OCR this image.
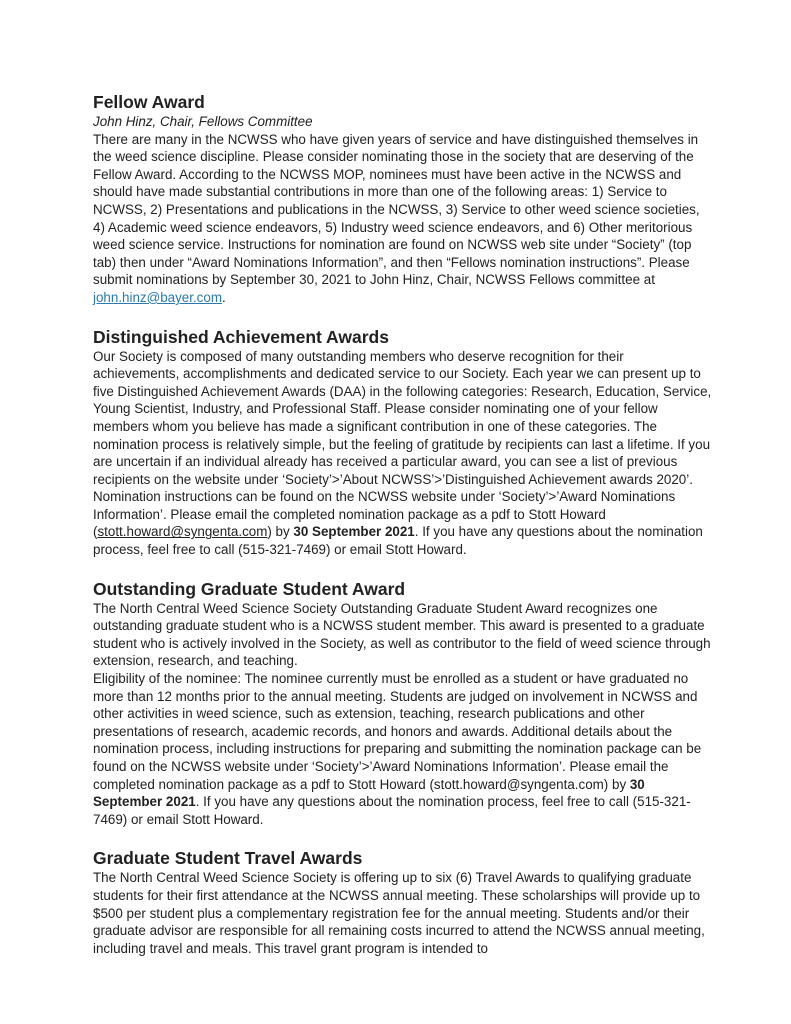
Fellow Award

John Hinz, Chair, Fellows Committee

There are many in the NCWSS who have given years of service and have distinguished themselves in the weed science discipline. Please consider nominating those in the society that are deserving of the Fellow Award. According to the NCWSS MOP, nominees must have been active in the NCWSS and should have made substantial contributions in more than one of the following areas: 1) Service to NCWSS, 2) Presentations and publications in the NCWSS, 3) Service to other weed science societies, 4) Academic weed science endeavors, 5) Industry weed science endeavors, and 6) Other meritorious weed science service. Instructions for nomination are found on NCWSS web site under “Society” (top tab) then under “Award Nominations Information”, and then “Fellows nomination instructions”. Please submit nominations by September 30, 2021 to John Hinz, Chair, NCWSS Fellows committee at john.hinz@bayer.com.

Distinguished Achievement Awards

Our Society is composed of many outstanding members who deserve recognition for their achievements, accomplishments and dedicated service to our Society. Each year we can present up to five Distinguished Achievement Awards (DAA) in the following categories: Research, Education, Service, Young Scientist, Industry, and Professional Staff. Please consider nominating one of your fellow members whom you believe has made a significant contribution in one of these categories. The nomination process is relatively simple, but the feeling of gratitude by recipients can last a lifetime. If you are uncertain if an individual already has received a particular award, you can see a list of previous recipients on the website under ‘Society’>’About NCWSS’>’Distinguished Achievement awards 2020’. Nomination instructions can be found on the NCWSS website under ‘Society’>’Award Nominations Information’. Please email the completed nomination package as a pdf to Stott Howard (stott.howard@syngenta.com) by 30 September 2021. If you have any questions about the nomination process, feel free to call (515-321-7469) or email Stott Howard.

Outstanding Graduate Student Award

The North Central Weed Science Society Outstanding Graduate Student Award recognizes one outstanding graduate student who is a NCWSS student member. This award is presented to a graduate student who is actively involved in the Society, as well as contributor to the field of weed science through extension, research, and teaching.

Eligibility of the nominee: The nominee currently must be enrolled as a student or have graduated no more than 12 months prior to the annual meeting. Students are judged on involvement in NCWSS and other activities in weed science, such as extension, teaching, research publications and other presentations of research, academic records, and honors and awards. Additional details about the nomination process, including instructions for preparing and submitting the nomination package can be found on the NCWSS website under ‘Society’>’Award Nominations Information’. Please email the completed nomination package as a pdf to Stott Howard (stott.howard@syngenta.com) by 30 September 2021. If you have any questions about the nomination process, feel free to call (515-321-7469) or email Stott Howard.

Graduate Student Travel Awards

The North Central Weed Science Society is offering up to six (6) Travel Awards to qualifying graduate students for their first attendance at the NCWSS annual meeting. These scholarships will provide up to $500 per student plus a complementary registration fee for the annual meeting. Students and/or their graduate advisor are responsible for all remaining costs incurred to attend the NCWSS annual meeting, including travel and meals. This travel grant program is intended to
